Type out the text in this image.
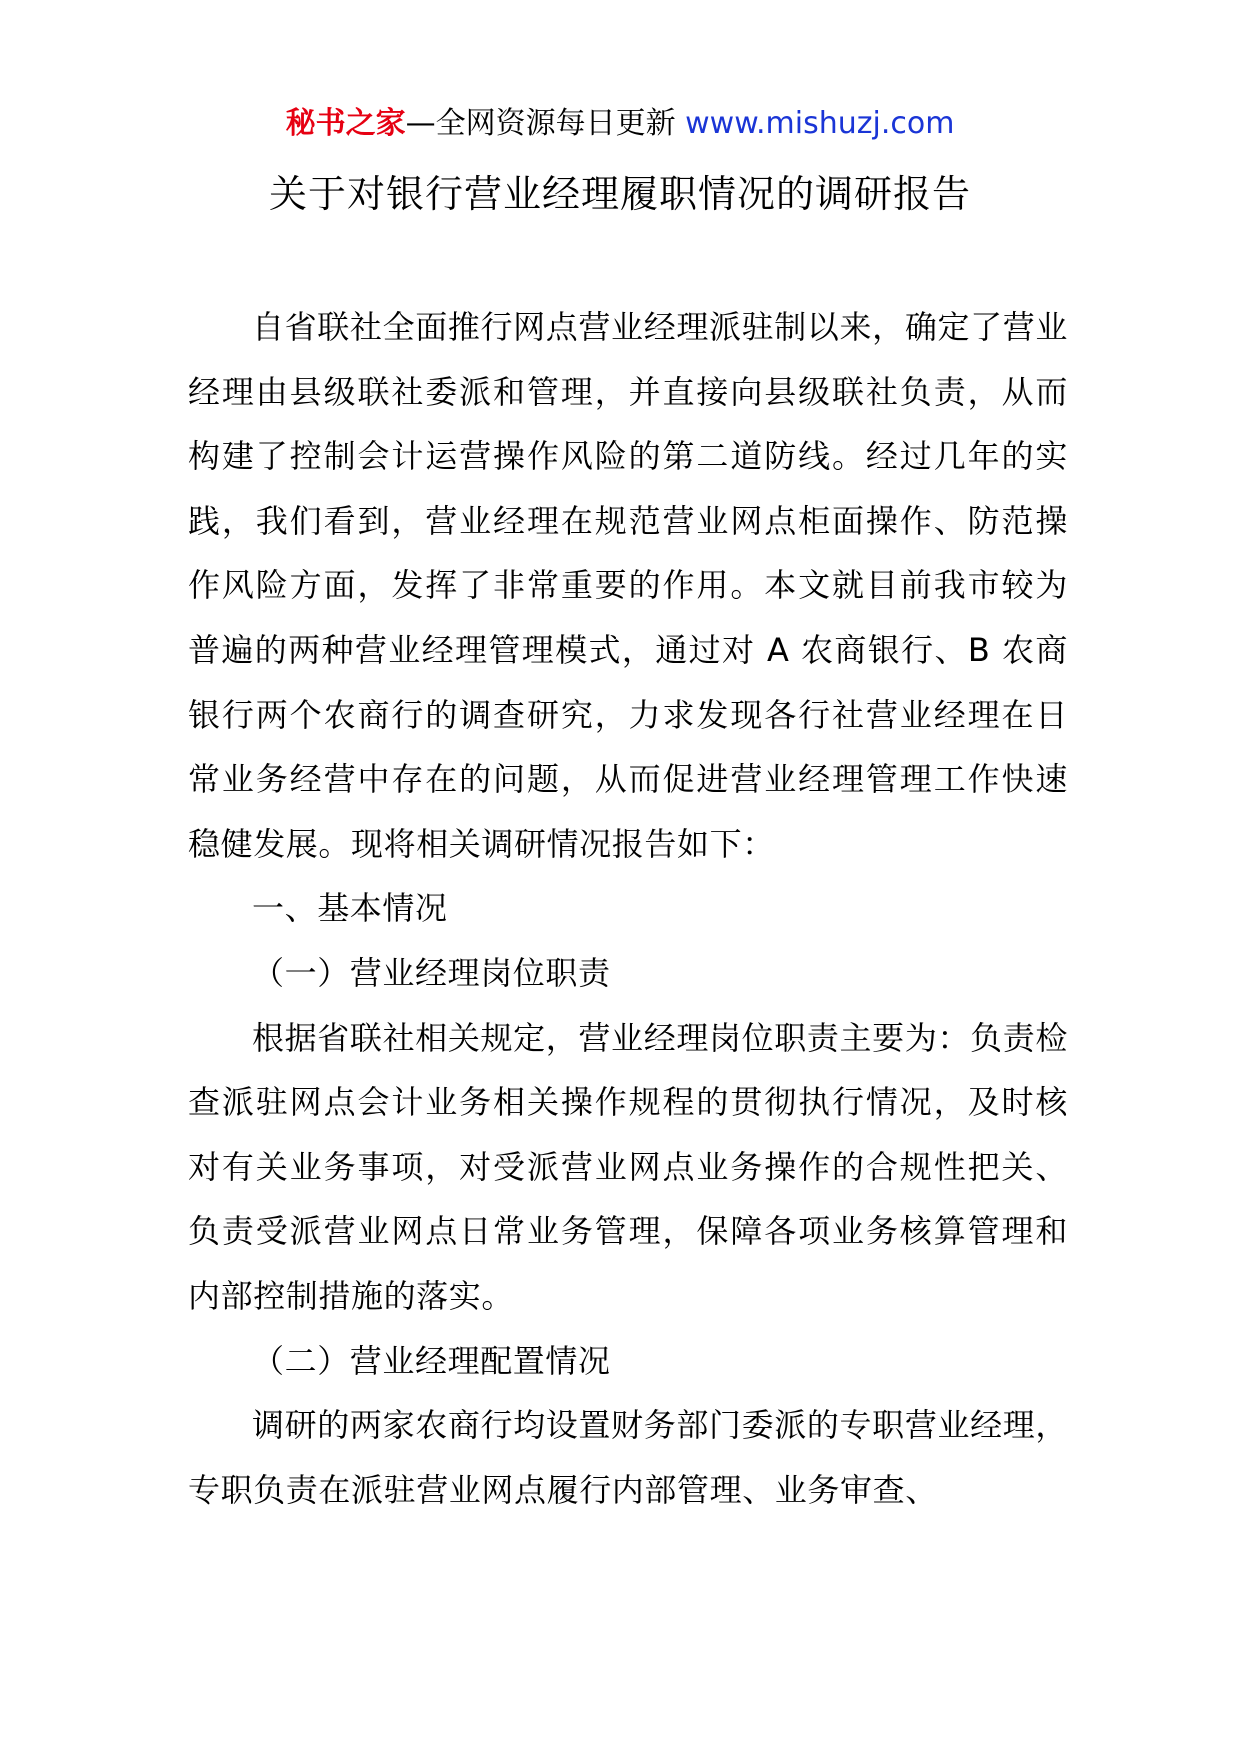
秘书之家—全网资源每日更新 www.mishuzj.com
关于对银行营业经理履职情况的调研报告

自省联社全面推行网点营业经理派驻制以来，确定了营业经理由县级联社委派和管理，并直接向县级联社负责，从而构建了控制会计运营操作风险的第二道防线。经过几年的实践，我们看到，营业经理在规范营业网点柜面操作、防范操作风险方面，发挥了非常重要的作用。本文就目前我市较为普遍的两种营业经理管理模式，通过对 A 农商银行、B 农商银行两个农商行的调查研究，力求发现各行社营业经理在日常业务经营中存在的问题，从而促进营业经理管理工作快速稳健发展。现将相关调研情况报告如下：

一、基本情况

（一）营业经理岗位职责

根据省联社相关规定，营业经理岗位职责主要为：负责检查派驻网点会计业务相关操作规程的贯彻执行情况，及时核对有关业务事项，对受派营业网点业务操作的合规性把关、负责受派营业网点日常业务管理，保障各项业务核算管理和内部控制措施的落实。

（二）营业经理配置情况

调研的两家农商行均设置财务部门委派的专职营业经理，专职负责在派驻营业网点履行内部管理、业务审查、
